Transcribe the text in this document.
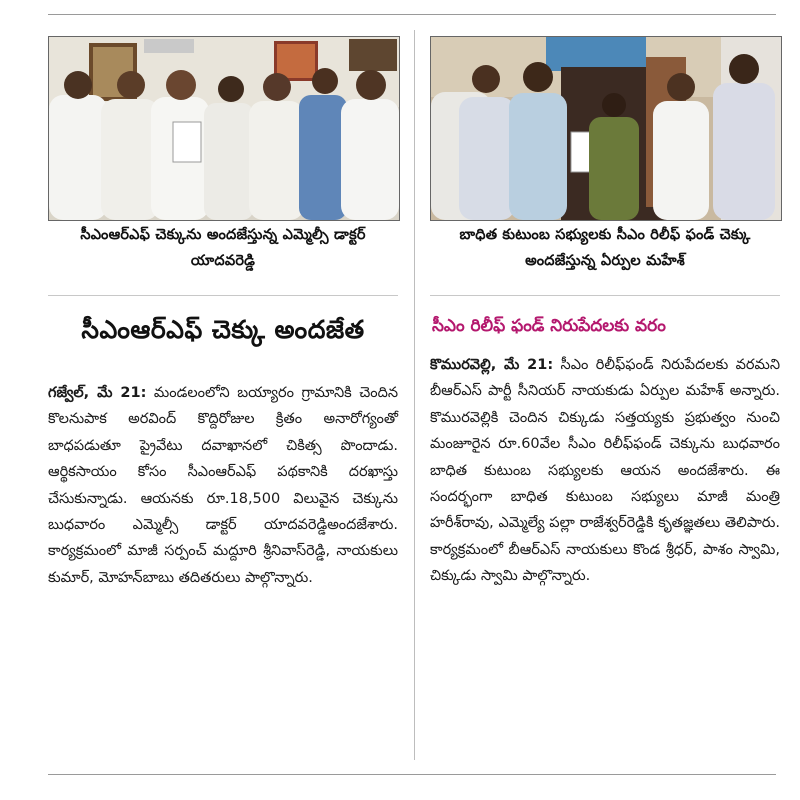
సీఎంఆర్ఎఫ్ చెక్కును అందజేస్తున్న ఎమ్మెల్సీ డాక్టర్ యాదవరెడ్డి
బాధిత కుటుంబ సభ్యులకు సీఎం రిలీఫ్ ఫండ్ చెక్కు అందజేస్తున్న ఏర్పుల మహేశ్
సీఎంఆర్ఎఫ్ చెక్కు అందజేత	సీఎం రిలీఫ్ ఫండ్ నిరుపేదలకు వరం
గజ్వేల్, మే 21: మండలంలోని బయ్యారం గ్రామానికి చెందిన కొలనుపాక అరవింద్ కొద్దిరోజుల క్రితం అనారోగ్యంతో బాధపడుతూ ప్రైవేటు దవాఖానలో చికిత్స పొందాడు. ఆర్థికసాయం కోసం సీఎంఆర్ఎఫ్ పథకానికి దరఖాస్తు చేసుకున్నాడు. ఆయనకు రూ.18,500 విలువైన చెక్కును బుధవారం ఎమ్మెల్సీ డాక్టర్ యాదవరెడ్డిఅందజేశారు. కార్యక్రమంలో మాజీ సర్పంచ్ మద్దూరి శ్రీనివాస్‌రెడ్డి, నాయకులు కుమార్, మోహన్‌బాబు తదితరులు పాల్గొన్నారు.
కొమురవెల్లి, మే 21: సీఎం రిలీఫ్‌ఫండ్ నిరుపేదలకు వరమని బీఆర్ఎస్ పార్టీ సీనియర్ నాయకుడు ఏర్పుల మహేశ్ అన్నారు. కొమురవెల్లికి చెందిన చిక్కుడు సత్తయ్యకు ప్రభుత్వం నుంచి మంజూరైన రూ.60వేల సీఎం రిలీఫ్‌ఫండ్ చెక్కును బుధవారం బాధిత కుటుంబ సభ్యులకు ఆయన అందజేశారు. ఈ సందర్భంగా బాధిత కుటుంబ సభ్యులు మాజీ మంత్రి హరీశ్‌రావు, ఎమ్మెల్యే పల్లా రాజేశ్వర్‌రెడ్డికి కృతజ్ఞతలు తెలిపారు. కార్యక్రమంలో బీఆర్ఎస్ నాయకులు కొండ శ్రీధర్, పాశం స్వామి, చిక్కుడు స్వామి పాల్గొన్నారు.
